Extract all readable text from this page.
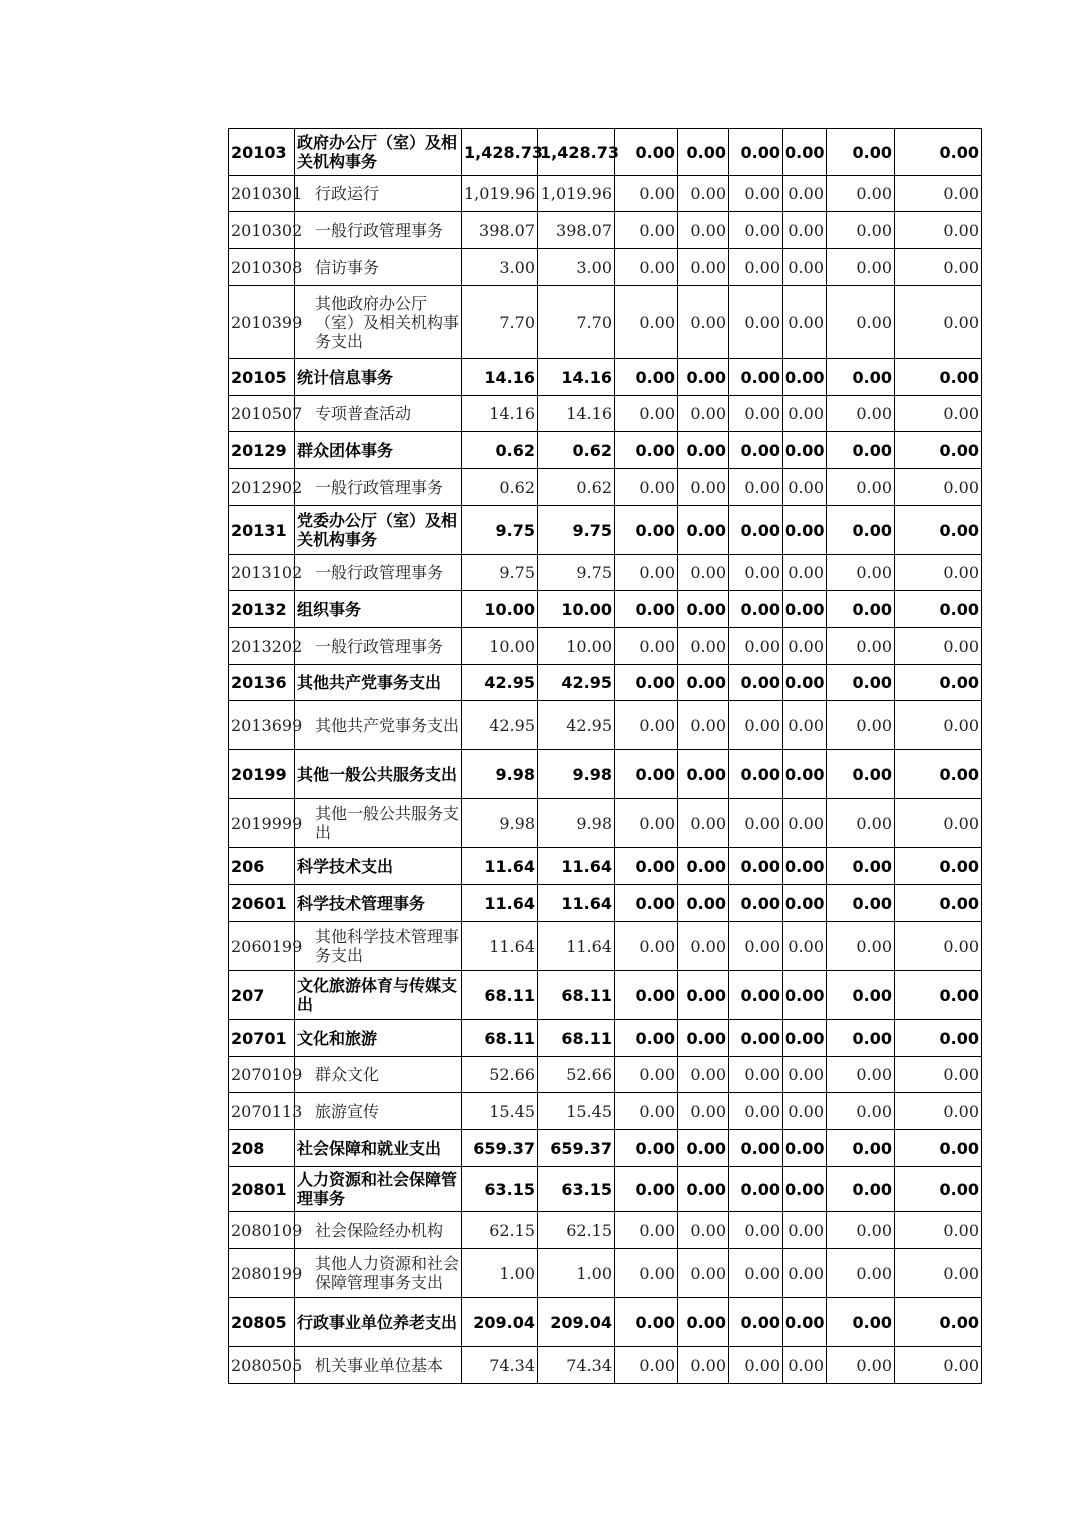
20103	政府办公厅（室）及相关机构事务	1,428.73	1,428.73	0.00	0.00	0.00	0.00	0.00	0.00
2010301	行政运行	1,019.96	1,019.96	0.00	0.00	0.00	0.00	0.00	0.00
2010302	一般行政管理事务	398.07	398.07	0.00	0.00	0.00	0.00	0.00	0.00
2010308	信访事务	3.00	3.00	0.00	0.00	0.00	0.00	0.00	0.00
2010399	其他政府办公厅（室）及相关机构事务支出	7.70	7.70	0.00	0.00	0.00	0.00	0.00	0.00
20105	统计信息事务	14.16	14.16	0.00	0.00	0.00	0.00	0.00	0.00
2010507	专项普查活动	14.16	14.16	0.00	0.00	0.00	0.00	0.00	0.00
20129	群众团体事务	0.62	0.62	0.00	0.00	0.00	0.00	0.00	0.00
2012902	一般行政管理事务	0.62	0.62	0.00	0.00	0.00	0.00	0.00	0.00
20131	党委办公厅（室）及相关机构事务	9.75	9.75	0.00	0.00	0.00	0.00	0.00	0.00
2013102	一般行政管理事务	9.75	9.75	0.00	0.00	0.00	0.00	0.00	0.00
20132	组织事务	10.00	10.00	0.00	0.00	0.00	0.00	0.00	0.00
2013202	一般行政管理事务	10.00	10.00	0.00	0.00	0.00	0.00	0.00	0.00
20136	其他共产党事务支出	42.95	42.95	0.00	0.00	0.00	0.00	0.00	0.00
2013699	其他共产党事务支出	42.95	42.95	0.00	0.00	0.00	0.00	0.00	0.00
20199	其他一般公共服务支出	9.98	9.98	0.00	0.00	0.00	0.00	0.00	0.00
2019999	其他一般公共服务支出	9.98	9.98	0.00	0.00	0.00	0.00	0.00	0.00
206	科学技术支出	11.64	11.64	0.00	0.00	0.00	0.00	0.00	0.00
20601	科学技术管理事务	11.64	11.64	0.00	0.00	0.00	0.00	0.00	0.00
2060199	其他科学技术管理事务支出	11.64	11.64	0.00	0.00	0.00	0.00	0.00	0.00
207	文化旅游体育与传媒支出	68.11	68.11	0.00	0.00	0.00	0.00	0.00	0.00
20701	文化和旅游	68.11	68.11	0.00	0.00	0.00	0.00	0.00	0.00
2070109	群众文化	52.66	52.66	0.00	0.00	0.00	0.00	0.00	0.00
2070113	旅游宣传	15.45	15.45	0.00	0.00	0.00	0.00	0.00	0.00
208	社会保障和就业支出	659.37	659.37	0.00	0.00	0.00	0.00	0.00	0.00
20801	人力资源和社会保障管理事务	63.15	63.15	0.00	0.00	0.00	0.00	0.00	0.00
2080109	社会保险经办机构	62.15	62.15	0.00	0.00	0.00	0.00	0.00	0.00
2080199	其他人力资源和社会保障管理事务支出	1.00	1.00	0.00	0.00	0.00	0.00	0.00	0.00
20805	行政事业单位养老支出	209.04	209.04	0.00	0.00	0.00	0.00	0.00	0.00
2080505	机关事业单位基本	74.34	74.34	0.00	0.00	0.00	0.00	0.00	0.00
